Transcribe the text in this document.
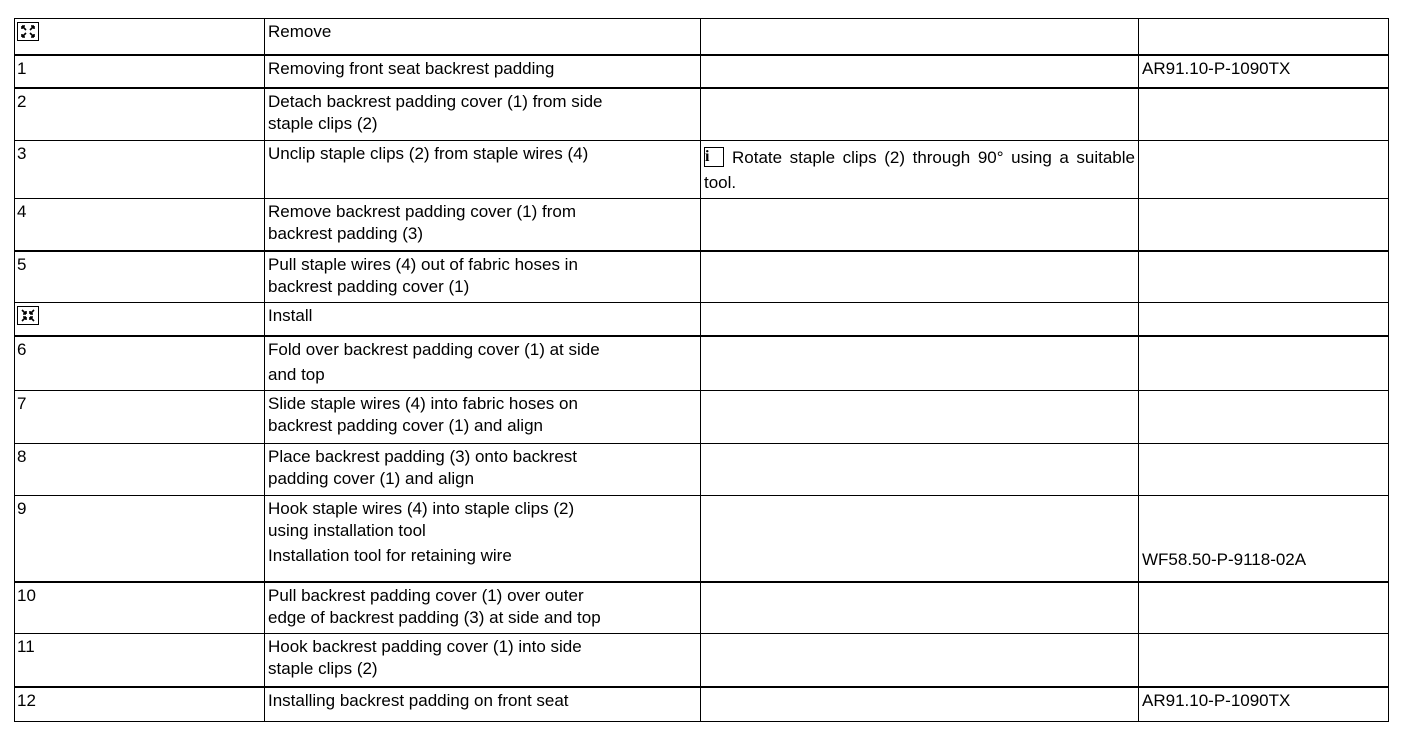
Remove		

1	Removing front seat backrest padding		AR91.10-P-1090TX
2	Detach backrest padding cover (1) from side
staple clips (2)		

3	Unclip staple clips (2) from staple wires (4)	i Rotate staple clips (2) through 90° using a suitable tool.	

4	Remove backrest padding cover (1) from
backrest padding (3)		

5	Pull staple wires (4) out of fabric hoses in
backrest padding cover (1)		

Install		

6	Fold over backrest padding cover (1) at side
and top		

7	Slide staple wires (4) into fabric hoses on
backrest padding cover (1) and align		

8	Place backrest padding (3) onto backrest
padding cover (1) and align		

9	Hook staple wires (4) into staple clips (2)
using installation tool
Installation tool for retaining wire		WF58.50-P-9118-02A

10	Pull backrest padding cover (1) over outer
edge of backrest padding (3) at side and top		

11	Hook backrest padding cover (1) into side
staple clips (2)		

12	Installing backrest padding on front seat		AR91.10-P-1090TX
